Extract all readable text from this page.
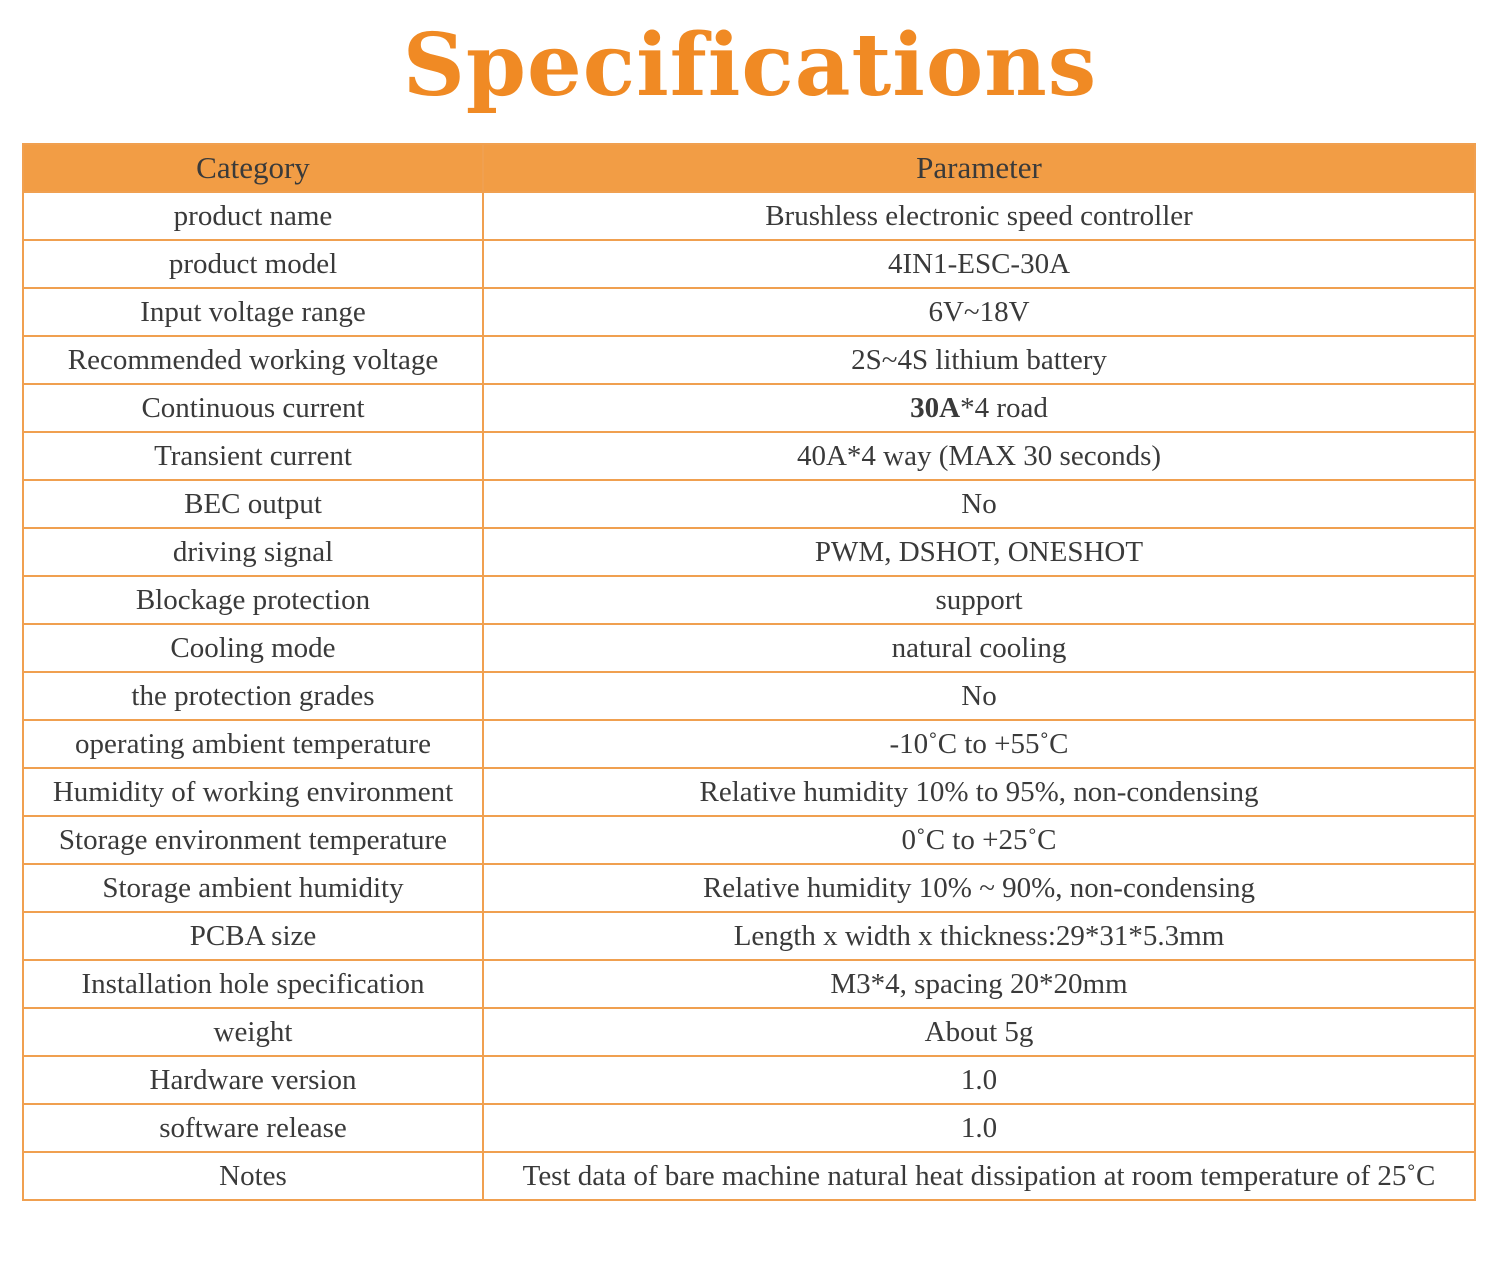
Specifications
Category	Parameter
product name	Brushless electronic speed controller
product model	4IN1-ESC-30A
Input voltage range	6V~18V
Recommended working voltage	2S~4S lithium battery
Continuous current	30A*4 road
Transient current	40A*4 way (MAX 30 seconds)
BEC output	No
driving signal	PWM, DSHOT, ONESHOT
Blockage protection	support
Cooling mode	natural cooling
the protection grades	No
operating ambient temperature	-10˚C to +55˚C
Humidity of working environment	Relative humidity 10% to 95%, non-condensing
Storage environment temperature	0˚C to +25˚C
Storage ambient humidity	Relative humidity 10% ~ 90%, non-condensing
PCBA size	Length x width x thickness:29*31*5.3mm
Installation hole specification	M3*4, spacing 20*20mm
weight	About 5g
Hardware version	1.0
software release	1.0
Notes	Test data of bare machine natural heat dissipation at room temperature of 25˚C
